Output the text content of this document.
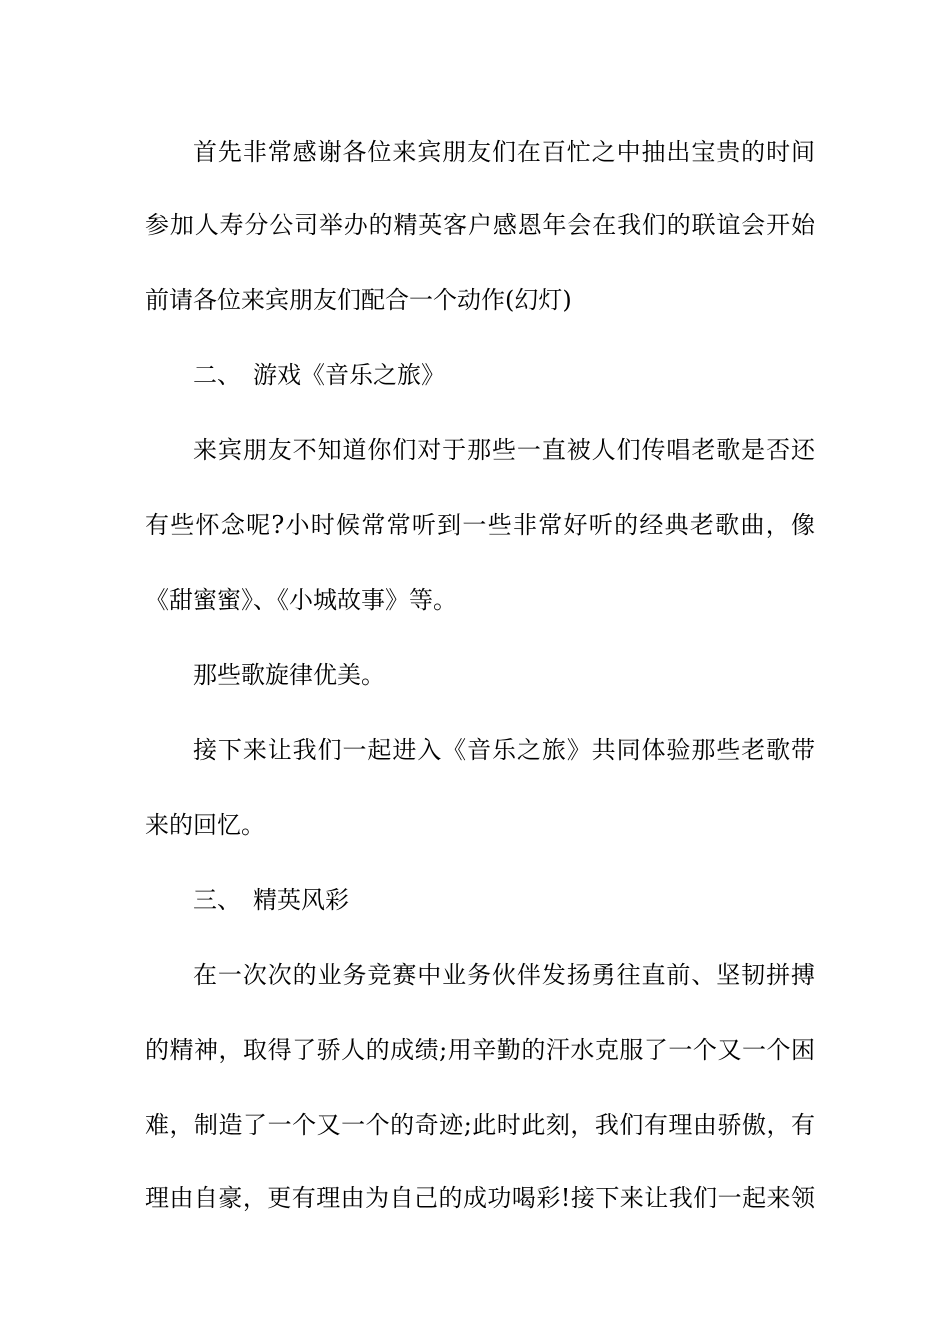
首先非常感谢各位来宾朋友们在百忙之中抽出宝贵的时间
参加人寿分公司举办的精英客户感恩年会在我们的联谊会开始
前请各位来宾朋友们配合一个动作(幻灯)
二、 游戏《音乐之旅》
来宾朋友不知道你们对于那些一直被人们传唱老歌是否还
有些怀念呢?小时候常常听到一些非常好听的经典老歌曲，像
《甜蜜蜜》、《小城故事》等。
那些歌旋律优美。
接下来让我们一起进入《音乐之旅》共同体验那些老歌带
来的回忆。
三、 精英风彩
在一次次的业务竞赛中业务伙伴发扬勇往直前、坚韧拼搏
的精神，取得了骄人的成绩;用辛勤的汗水克服了一个又一个困
难，制造了一个又一个的奇迹;此时此刻，我们有理由骄傲，有
理由自豪，更有理由为自己的成功喝彩!接下来让我们一起来领
